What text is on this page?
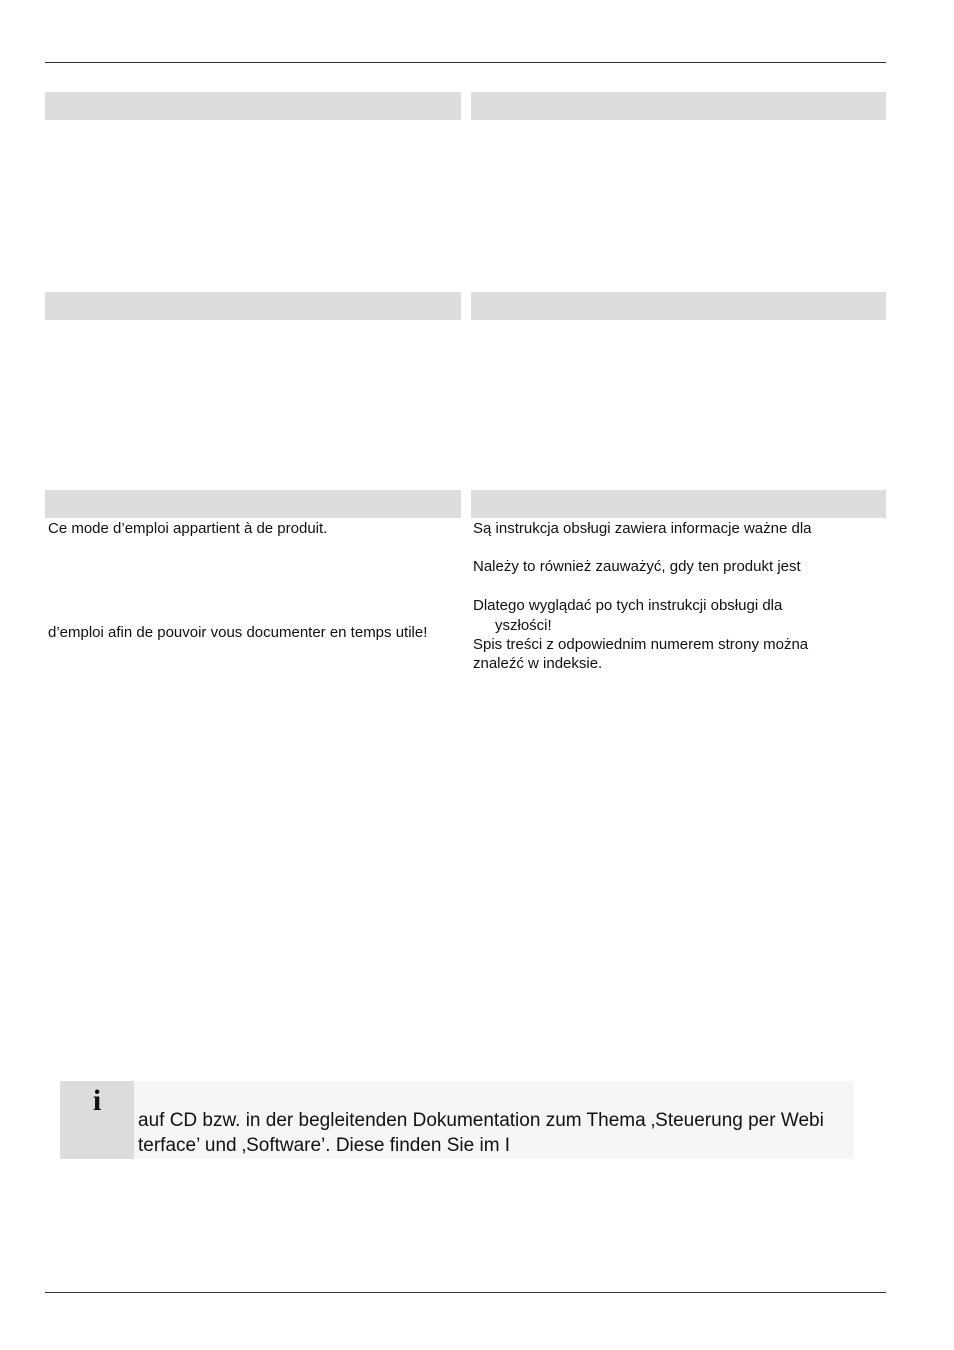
Ce mode d’emploi appartient à de produit.
d’emploi afin de pouvoir vous documenter en temps utile!
Są instrukcja obsługi zawiera informacje ważne dla
Należy to również zauważyć, gdy ten produkt jest
Dlatego wyglądać po tych instrukcji obsługi dla
yszłości!
Spis treści z odpowiednim numerem strony można
znaleźć w indeksie.
i
auf CD bzw. in der begleitenden Dokumentation zum Thema ‚Steuerung per Webi
terface’ und ‚Software’. Diese finden Sie im I
